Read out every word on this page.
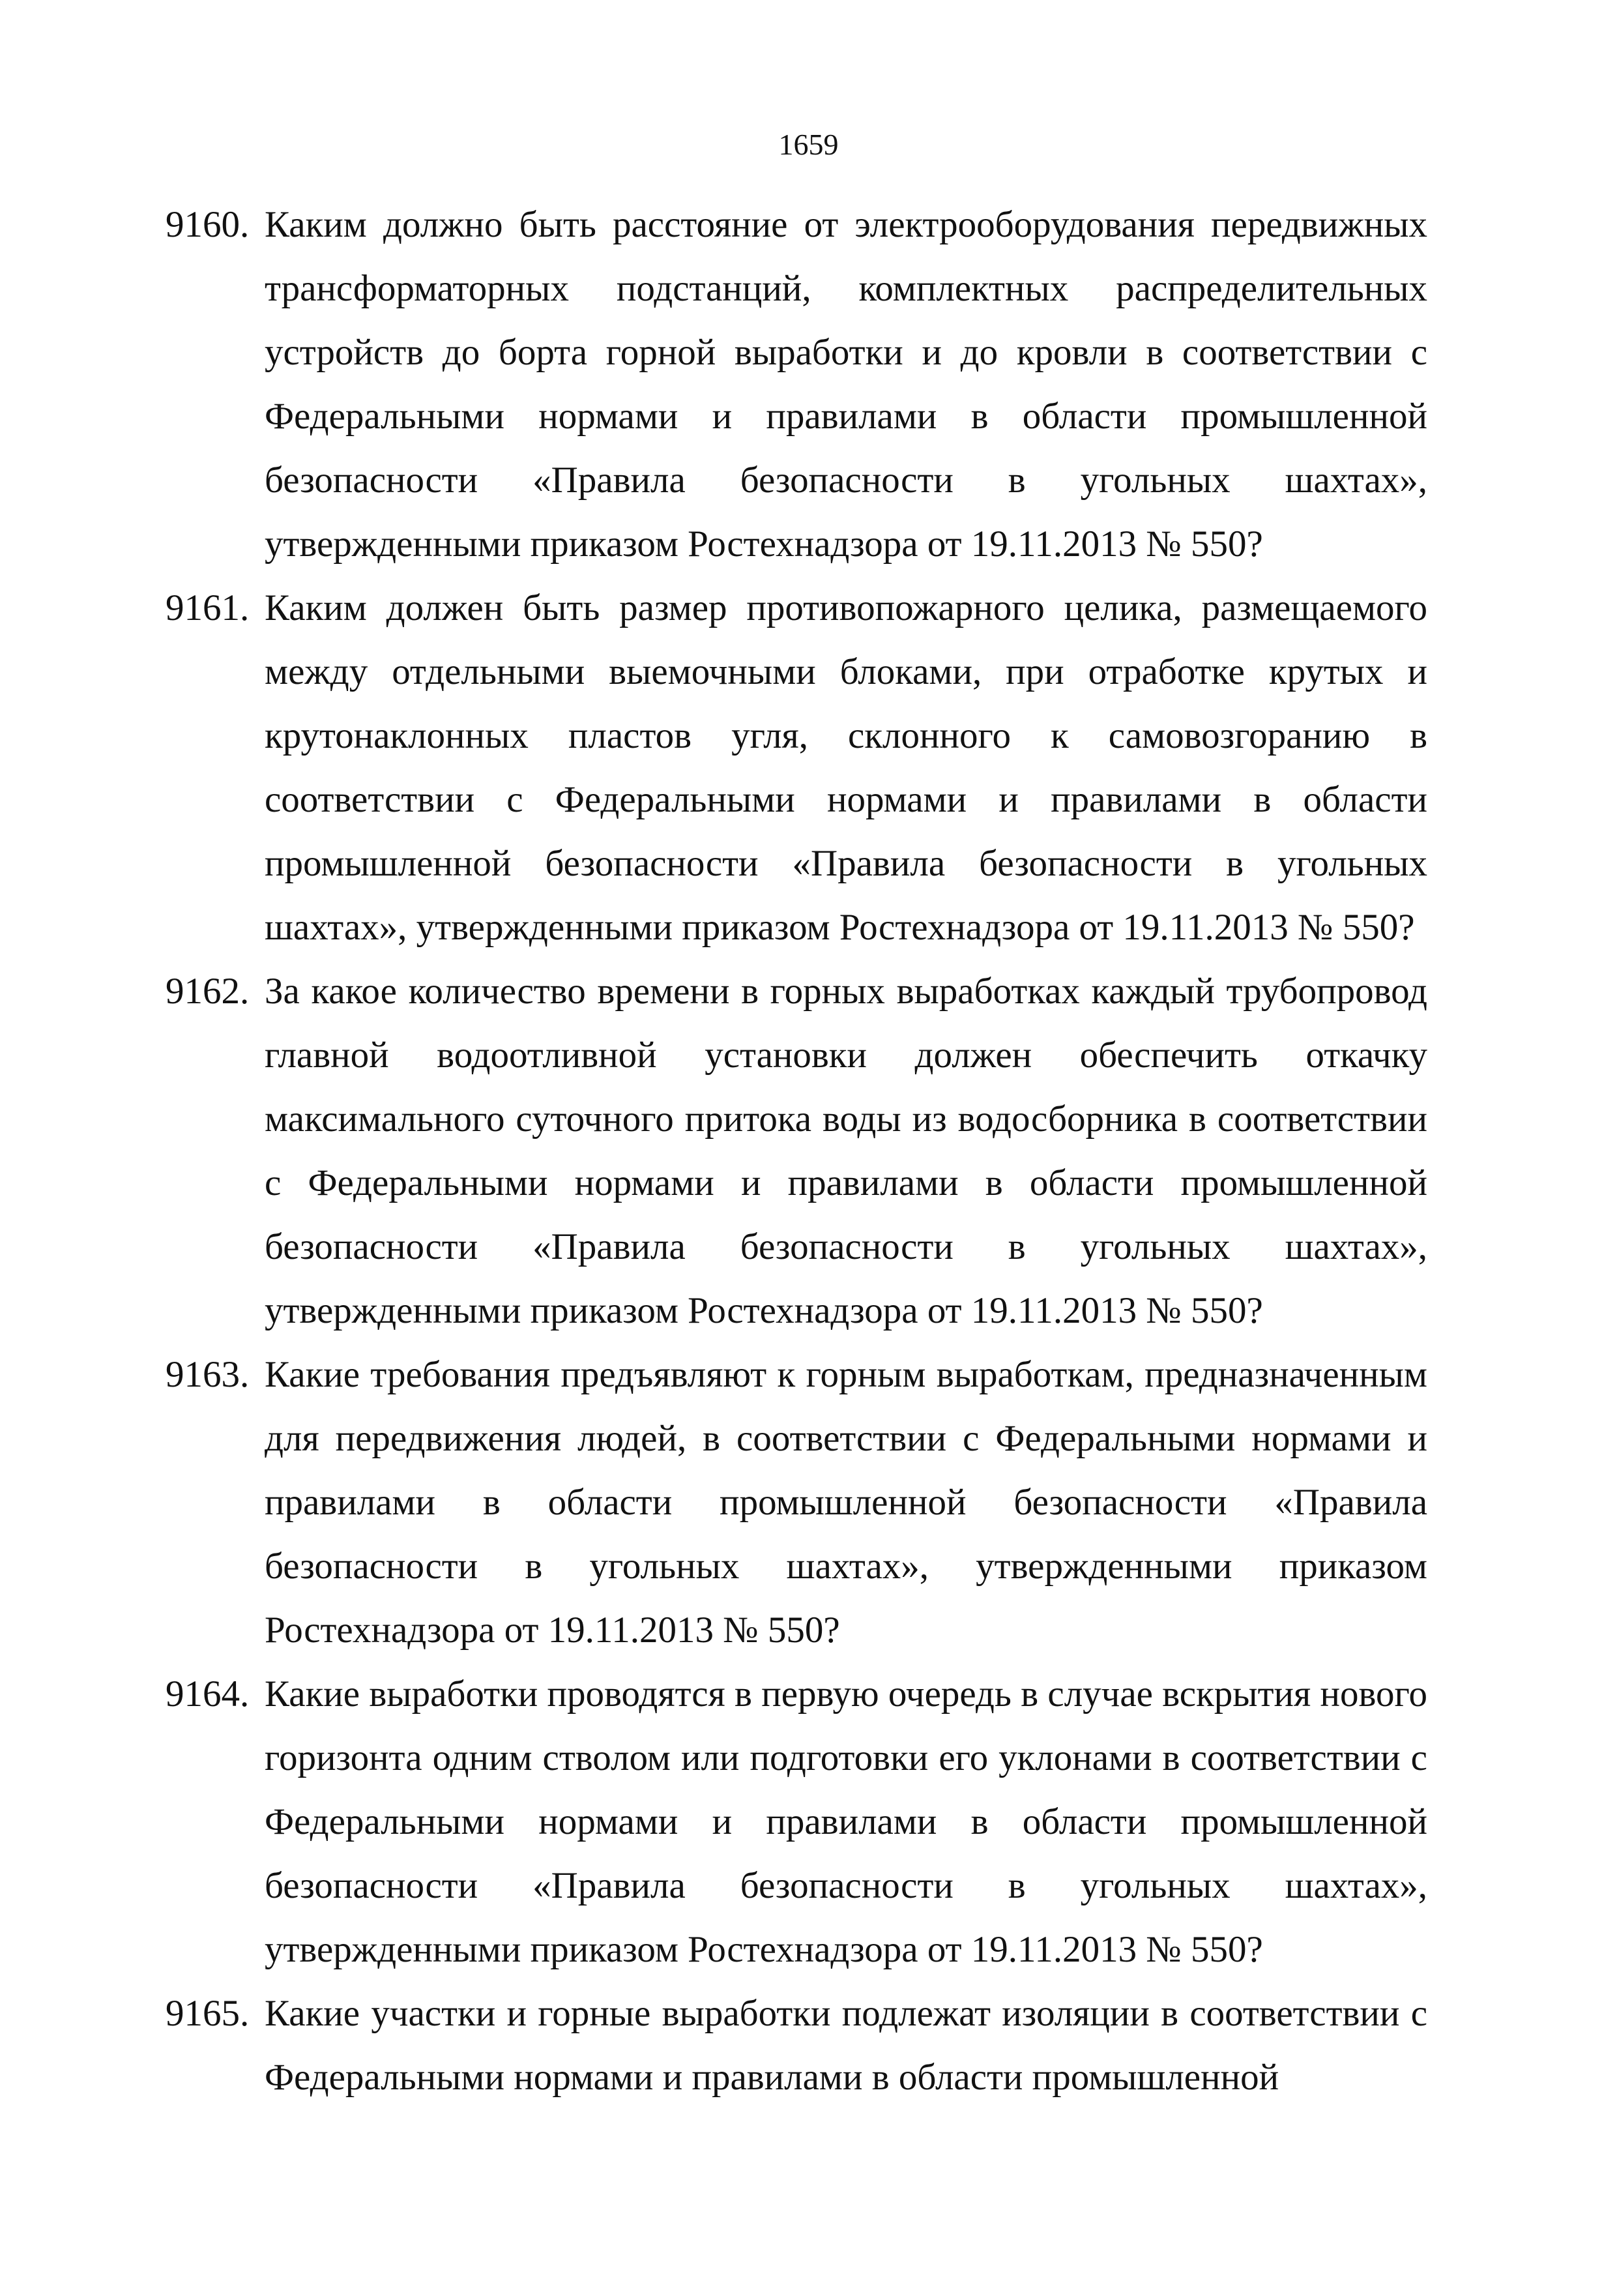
1659
9160. Каким должно быть расстояние от электрооборудования передвижных трансформаторных подстанций, комплектных распределительных устройств до борта горной выработки и до кровли в соответствии с Федеральными нормами и правилами в области промышленной безопасности «Правила безопасности в угольных шахтах», утвержденными приказом Ростехнадзора от 19.11.2013 № 550?
9161. Каким должен быть размер противопожарного целика, размещаемого между отдельными выемочными блоками, при отработке крутых и крутонаклонных пластов угля, склонного к самовозгоранию в соответствии с Федеральными нормами и правилами в области промышленной безопасности «Правила безопасности в угольных шахтах», утвержденными приказом Ростехнадзора от 19.11.2013 № 550?
9162. За какое количество времени в горных выработках каждый трубопровод главной водоотливной установки должен обеспечить откачку максимального суточного притока воды из водосборника в соответствии с Федеральными нормами и правилами в области промышленной безопасности «Правила безопасности в угольных шахтах», утвержденными приказом Ростехнадзора от 19.11.2013 № 550?
9163. Какие требования предъявляют к горным выработкам, предназначенным для передвижения людей, в соответствии с Федеральными нормами и правилами в области промышленной безопасности «Правила безопасности в угольных шахтах», утвержденными приказом Ростехнадзора от 19.11.2013 № 550?
9164. Какие выработки проводятся в первую очередь в случае вскрытия нового горизонта одним стволом или подготовки его уклонами в соответствии с Федеральными нормами и правилами в области промышленной безопасности «Правила безопасности в угольных шахтах», утвержденными приказом Ростехнадзора от 19.11.2013 № 550?
9165. Какие участки и горные выработки подлежат изоляции в соответствии с Федеральными нормами и правилами в области промышленной
